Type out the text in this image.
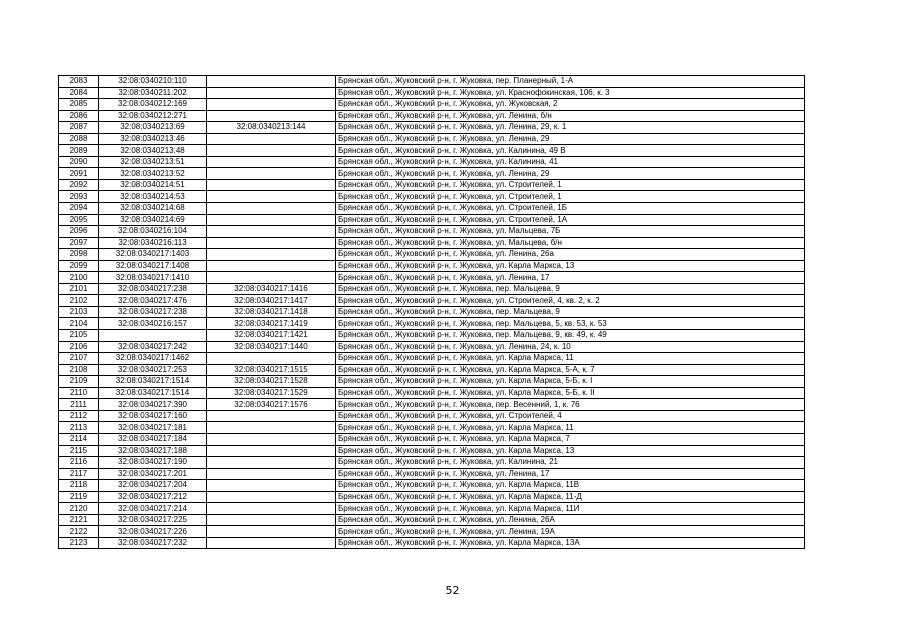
2083	32:08:0340210:110		Брянская обл., Жуковский р-н, г. Жуковка, пер. Планерный, 1-А
2084	32:08:0340211:202		Брянская обл., Жуковский р-н, г. Жуковка, ул. Краснофокинская, 106, к. 3
2085	32:08:0340212:169		Брянская обл., Жуковский р-н, г. Жуковка, ул. Жуковская, 2
2086	32:08:0340212:271		Брянская обл., Жуковский р-н, г. Жуковка, ул. Ленина, б/н
2087	32:08:0340213:69	32:08:0340213:144	Брянская обл., Жуковский р-н, г. Жуковка, ул. Ленина, 29, к. 1
2088	32:08:0340213:46		Брянская обл., Жуковский р-н, г. Жуковка, ул. Ленина, 29
2089	32:08:0340213:48		Брянская обл., Жуковский р-н, г. Жуковка, ул. Калинина, 49 В
2090	32:08:0340213:51		Брянская обл., Жуковский р-н, г. Жуковка, ул. Калинина, 41
2091	32:08:0340213:52		Брянская обл., Жуковский р-н, г. Жуковка, ул. Ленина, 29
2092	32:08:0340214:51		Брянская обл., Жуковский р-н, г. Жуковка, ул. Строителей, 1
2093	32:08:0340214:53		Брянская обл., Жуковский р-н, г. Жуковка, ул. Строителей, 1
2094	32:08:0340214:68		Брянская обл., Жуковский р-н, г. Жуковка, ул. Строителей, 1Б
2095	32:08:0340214:69		Брянская обл., Жуковский р-н, г. Жуковка, ул. Строителей, 1А
2096	32:08:0340216:104		Брянская обл., Жуковский р-н, г. Жуковка, ул. Мальцева, 7Б
2097	32:08:0340216:113		Брянская обл., Жуковский р-н, г. Жуковка, ул. Мальцева, б/н
2098	32:08:0340217:1403		Брянская обл., Жуковский р-н, г. Жуковка, ул. Ленина, 26а
2099	32:08:0340217:1408		Брянская обл., Жуковский р-н, г. Жуковка, ул. Карла Маркса, 13
2100	32:08:0340217:1410		Брянская обл., Жуковский р-н, г. Жуковка, ул. Ленина, 17
2101	32:08:0340217:238	32:08:0340217:1416	Брянская обл., Жуковский р-н, г. Жуковка, пер. Мальцева, 9
2102	32:08:0340217:476	32:08:0340217:1417	Брянская обл., Жуковский р-н, г. Жуковка, ул. Строителей, 4, кв. 2, к. 2
2103	32:08:0340217:238	32:08:0340217:1418	Брянская обл., Жуковский р-н, г. Жуковка, пер. Мальцева, 9
2104	32:08:0340216:157	32:08:0340217:1419	Брянская обл., Жуковский р-н, г. Жуковка, пер. Мальцева, 5, кв. 53, к. 53
2105		32:08:0340217:1421	Брянская обл., Жуковский р-н, г. Жуковка, пер. Мальцева, 9, кв. 49, к. 49
2106	32:08:0340217:242	32:08:0340217:1440	Брянская обл., Жуковский р-н, г. Жуковка, ул. Ленина, 24, к. 10
2107	32:08:0340217:1462		Брянская обл., Жуковский р-н, г. Жуковка, ул. Карла Маркса, 11
2108	32:08:0340217:253	32:08:0340217:1515	Брянская обл., Жуковский р-н, г. Жуковка, ул. Карла Маркса, 5-А, к. 7
2109	32:08:0340217:1514	32:08:0340217:1528	Брянская обл., Жуковский р-н, г. Жуковка, ул. Карла Маркса, 5-Б, к. I
2110	32:08:0340217:1514	32:08:0340217:1529	Брянская обл., Жуковский р-н, г. Жуковка, ул. Карла Маркса, 5-Б, к. II
2111	32:08:0340217:390	32:08:0340217:1576	Брянская обл., Жуковский р-н, г. Жуковка, пер. Весенний, 1, к. 76
2112	32:08:0340217:160		Брянская обл., Жуковский р-н, г. Жуковка, ул. Строителей, 4
2113	32:08:0340217:181		Брянская обл., Жуковский р-н, г. Жуковка, ул. Карла Маркса, 11
2114	32:08:0340217:184		Брянская обл., Жуковский р-н, г. Жуковка, ул. Карла Маркса, 7
2115	32:08:0340217:188		Брянская обл., Жуковский р-н, г. Жуковка, ул. Карла Маркса, 13
2116	32:08:0340217:190		Брянская обл., Жуковский р-н, г. Жуковка, ул. Калинина, 21
2117	32:08:0340217:201		Брянская обл., Жуковский р-н, г. Жуковка, ул. Ленина, 17
2118	32:08:0340217:204		Брянская обл., Жуковский р-н, г. Жуковка, ул. Карла Маркса, 11В
2119	32:08:0340217:212		Брянская обл., Жуковский р-н, г. Жуковка, ул. Карла Маркса, 11-Д
2120	32:08:0340217:214		Брянская обл., Жуковский р-н, г. Жуковка, ул. Карла Маркса, 11И
2121	32:08:0340217:225		Брянская обл., Жуковский р-н, г. Жуковка, ул. Ленина, 26А
2122	32:08:0340217:226		Брянская обл., Жуковский р-н, г. Жуковка, ул. Ленина, 19А
2123	32:08:0340217:232		Брянская обл., Жуковский р-н, г. Жуковка, ул. Карла Маркса, 13А
52
